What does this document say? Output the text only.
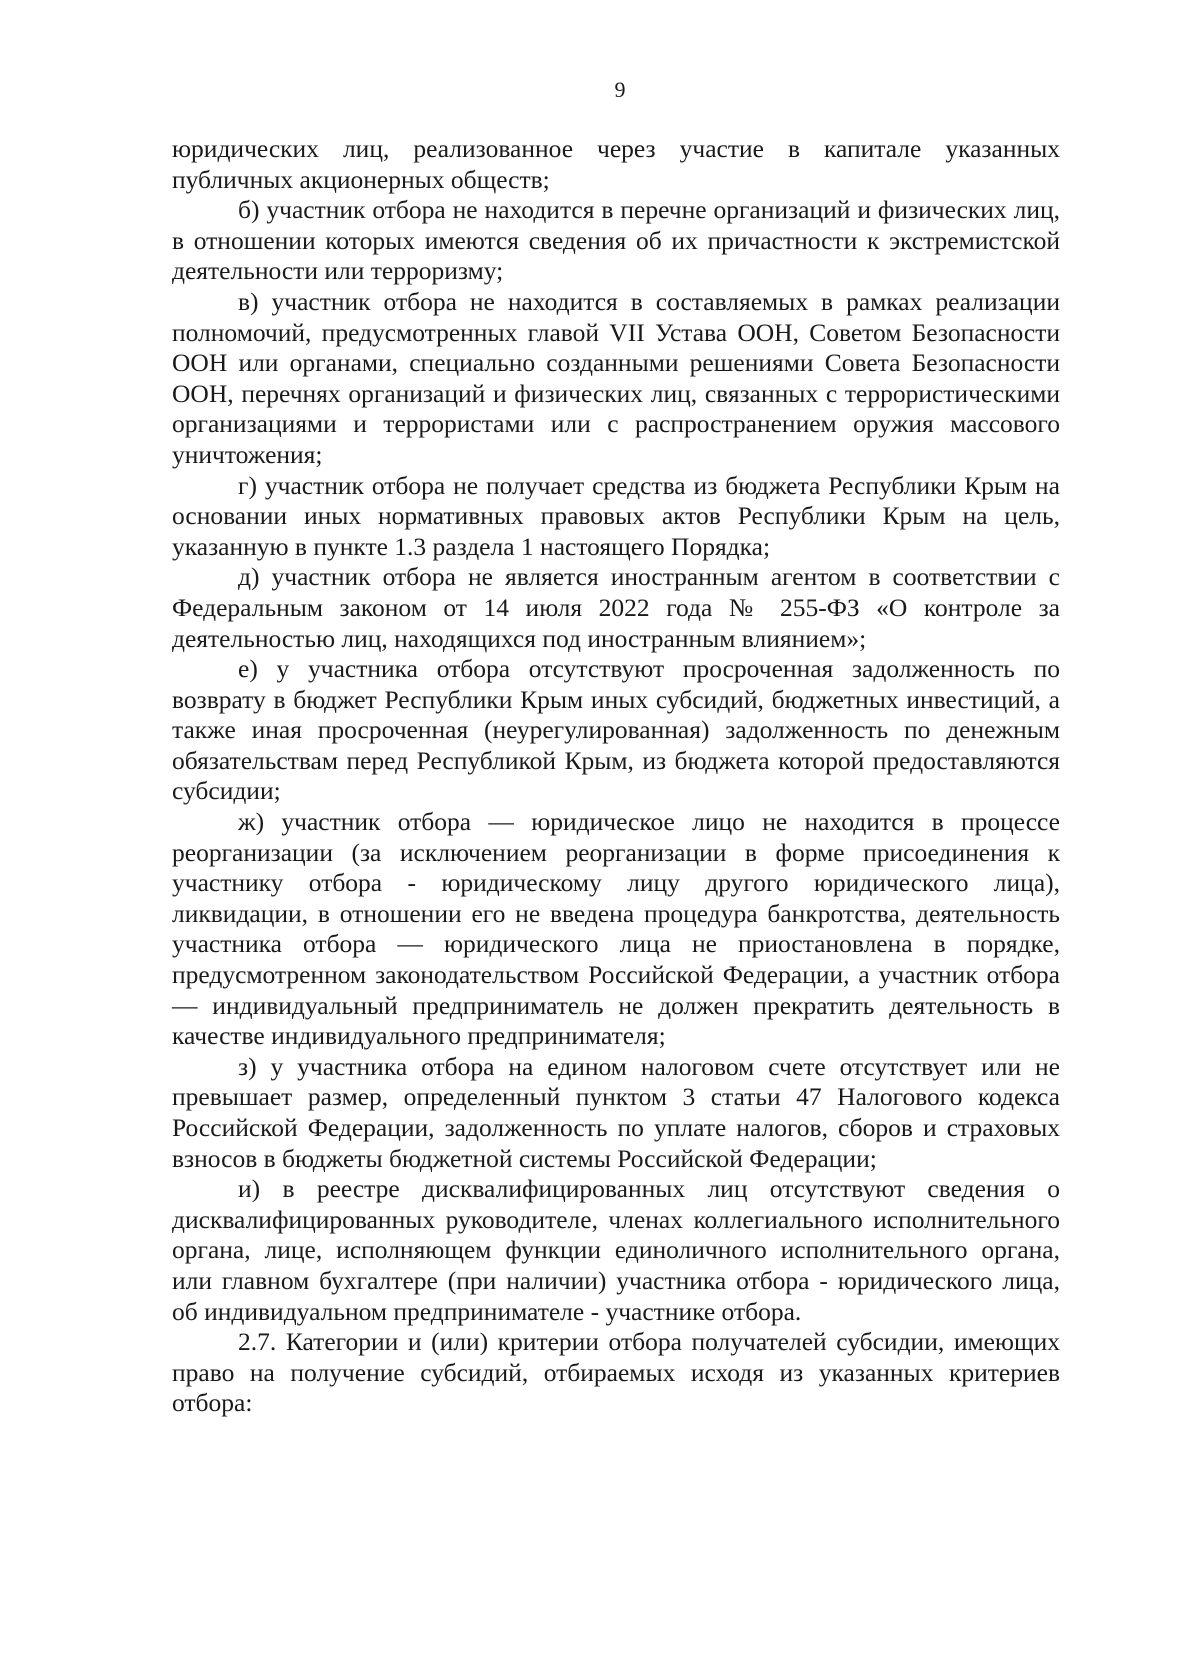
9

юридических лиц, реализованное через участие в капитале указанных публичных акционерных обществ;

б) участник отбора не находится в перечне организаций и физических лиц, в отношении которых имеются сведения об их причастности к экстремистской деятельности или терроризму;

в) участник отбора не находится в составляемых в рамках реализации полномочий, предусмотренных главой VII Устава ООН, Советом Безопасности ООН или органами, специально созданными решениями Совета Безопасности ООН, перечнях организаций и физических лиц, связанных с террористическими организациями и террористами или с распространением оружия массового уничтожения;

г) участник отбора не получает средства из бюджета Республики Крым на основании иных нормативных правовых актов Республики Крым на цель, указанную в пункте 1.3 раздела 1 настоящего Порядка;

д) участник отбора не является иностранным агентом в соответствии с Федеральным законом от 14 июля 2022 года № 255-ФЗ «О контроле за деятельностью лиц, находящихся под иностранным влиянием»;

е) у участника отбора отсутствуют просроченная задолженность по возврату в бюджет Республики Крым иных субсидий, бюджетных инвестиций, а также иная просроченная (неурегулированная) задолженность по денежным обязательствам перед Республикой Крым, из бюджета которой предоставляются субсидии;

ж) участник отбора — юридическое лицо не находится в процессе реорганизации (за исключением реорганизации в форме присоединения к участнику отбора - юридическому лицу другого юридического лица), ликвидации, в отношении его не введена процедура банкротства, деятельность участника отбора — юридического лица не приостановлена в порядке, предусмотренном законодательством Российской Федерации, а участник отбора — индивидуальный предприниматель не должен прекратить деятельность в качестве индивидуального предпринимателя;

з) у участника отбора на едином налоговом счете отсутствует или не превышает размер, определенный пунктом 3 статьи 47 Налогового кодекса Российской Федерации, задолженность по уплате налогов, сборов и страховых взносов в бюджеты бюджетной системы Российской Федерации;

и) в реестре дисквалифицированных лиц отсутствуют сведения о дисквалифицированных руководителе, членах коллегиального исполнительного органа, лице, исполняющем функции единоличного исполнительного органа, или главном бухгалтере (при наличии) участника отбора - юридического лица, об индивидуальном предпринимателе - участнике отбора.

2.7. Категории и (или) критерии отбора получателей субсидии, имеющих право на получение субсидий, отбираемых исходя из указанных критериев отбора:
